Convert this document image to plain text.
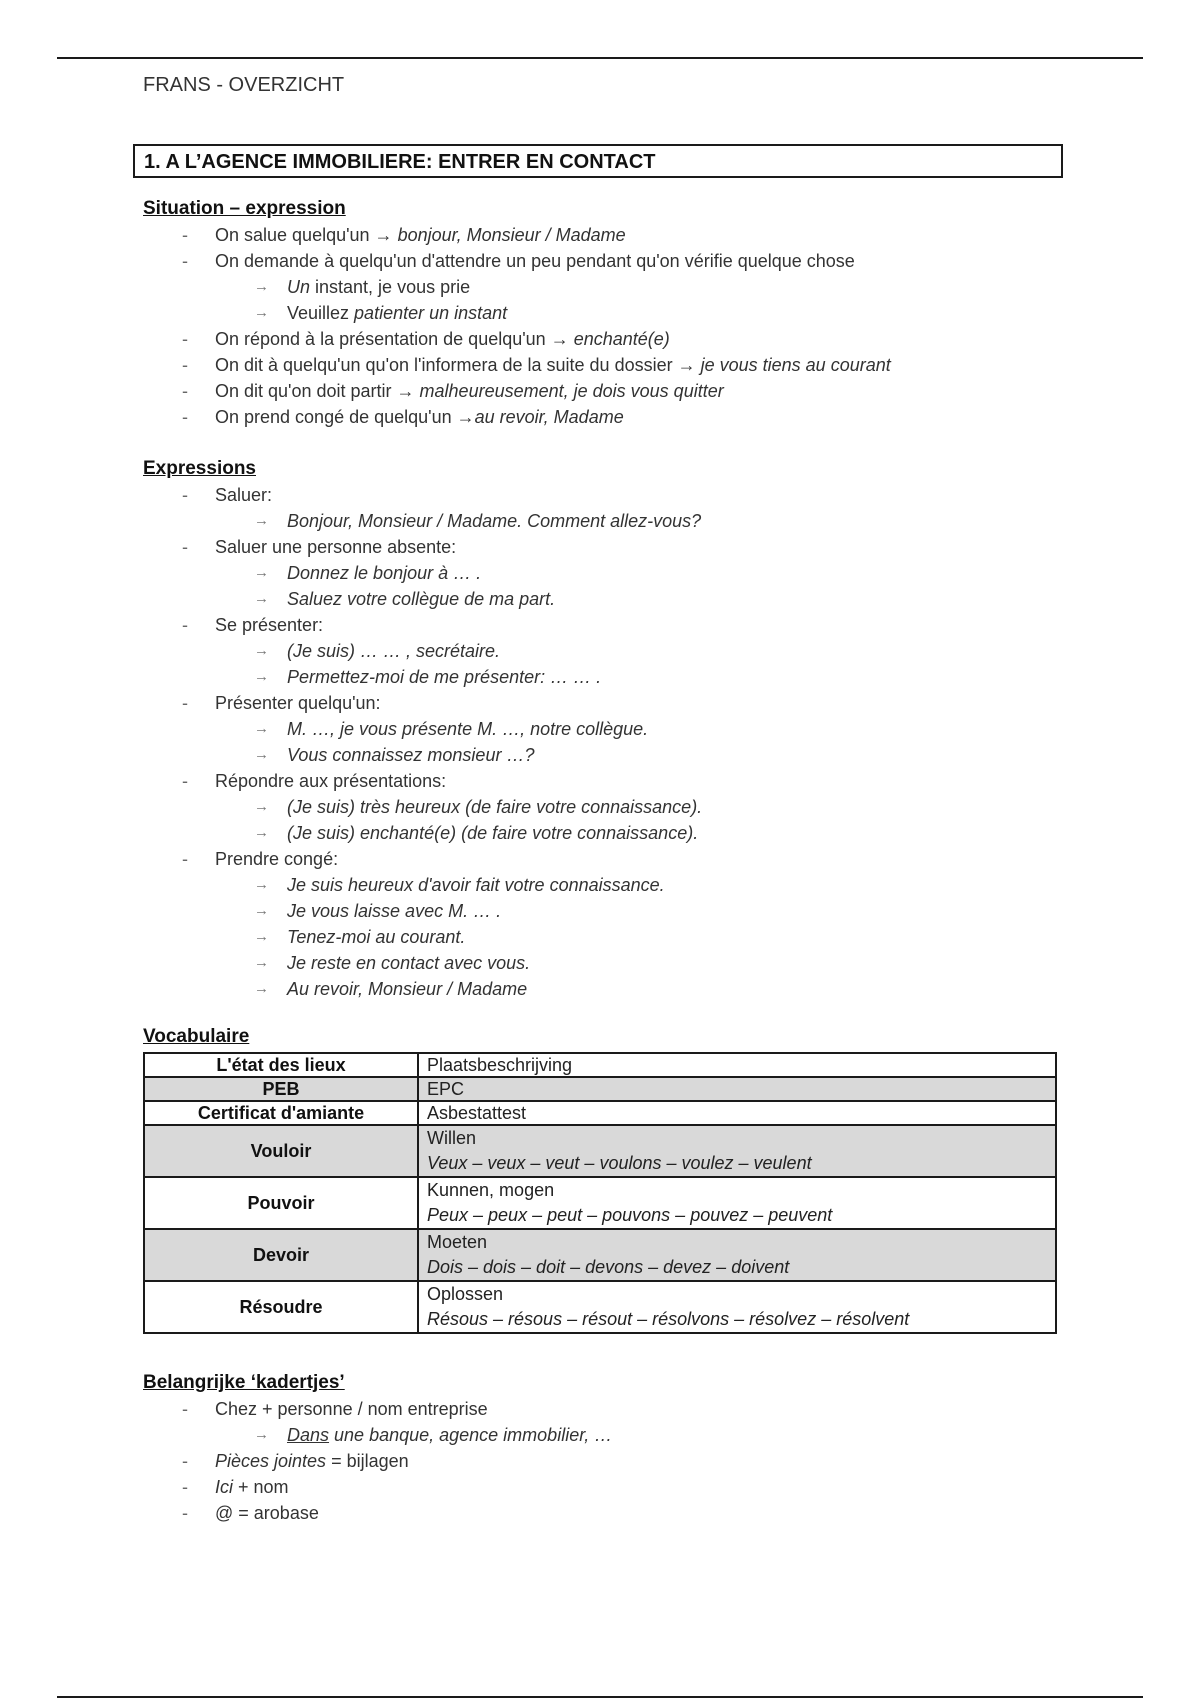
FRANS - OVERZICHT
1. A L’AGENCE IMMOBILIERE: ENTRER EN CONTACT
Situation – expression
- On salue quelqu'un → bonjour, Monsieur / Madame
- On demande à quelqu'un d'attendre un peu pendant qu'on vérifie quelque chose
→ Un instant, je vous prie
→ Veuillez patienter un instant
- On répond à la présentation de quelqu'un → enchanté(e)
- On dit à quelqu'un qu'on l'informera de la suite du dossier → je vous tiens au courant
- On dit qu'on doit partir → malheureusement, je dois vous quitter
- On prend congé de quelqu'un →au revoir, Madame
Expressions
- Saluer:
→ Bonjour, Monsieur / Madame. Comment allez-vous?
- Saluer une personne absente:
→ Donnez le bonjour à … .
→ Saluez votre collègue de ma part.
- Se présenter:
→ (Je suis) … … , secrétaire.
→ Permettez-moi de me présenter: … … .
- Présenter quelqu'un:
→ M. …, je vous présente M. …, notre collègue.
→ Vous connaissez monsieur …?
- Répondre aux présentations:
→ (Je suis) très heureux (de faire votre connaissance).
→ (Je suis) enchanté(e) (de faire votre connaissance).
- Prendre congé:
→ Je suis heureux d'avoir fait votre connaissance.
→ Je vous laisse avec M. … .
→ Tenez-moi au courant.
→ Je reste en contact avec vous.
→ Au revoir, Monsieur / Madame
Vocabulaire
L'état des lieux	Plaatsbeschrijving
PEB	EPC
Certificat d'amiante	Asbestattest
Vouloir	Willen
Veux – veux – veut – voulons – voulez – veulent

Pouvoir	Kunnen, mogen
Peux – peux – peut – pouvons – pouvez – peuvent

Devoir	Moeten
Dois – dois – doit – devons – devez – doivent

Résoudre	Oplossen
Résous – résous – résout – résolvons – résolvez – résolvent
Belangrijke ‘kadertjes’
- Chez + personne / nom entreprise
→ Dans une banque, agence immobilier, …
- Pièces jointes = bijlagen
- Ici + nom
- @ = arobase
